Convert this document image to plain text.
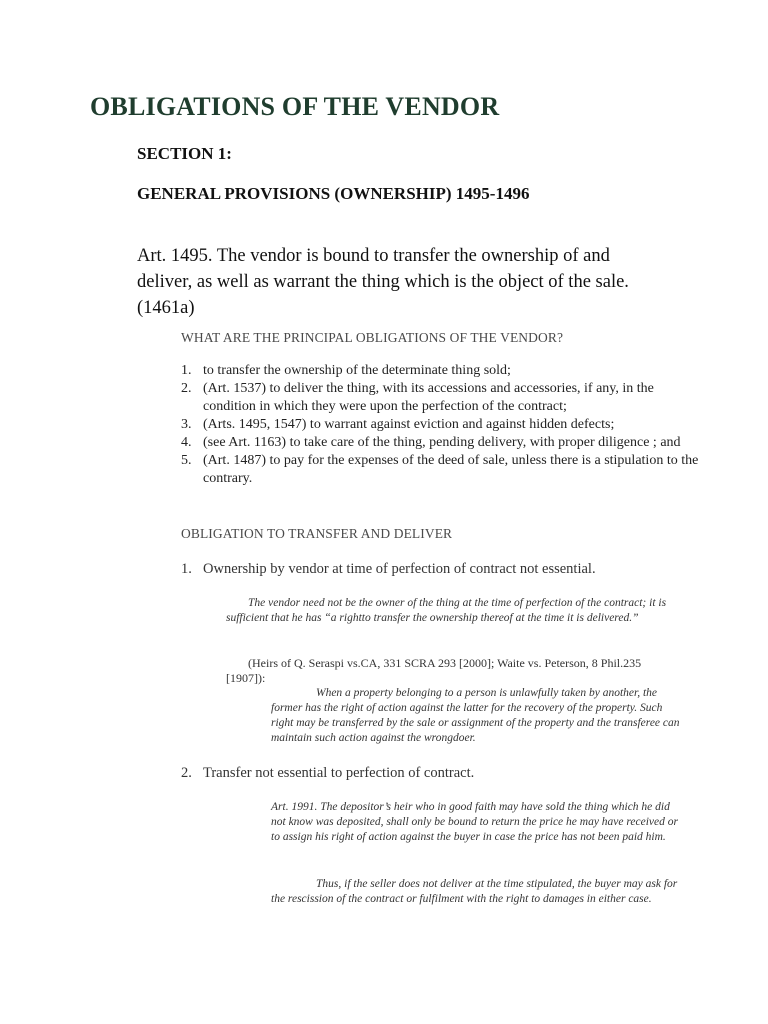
OBLIGATIONS OF THE VENDOR
SECTION 1:
GENERAL PROVISIONS (OWNERSHIP) 1495-1496

Art. 1495. The vendor is bound to transfer the ownership of and deliver, as well as warrant the thing which is the object of the sale. (1461a)

WHAT ARE THE PRINCIPAL OBLIGATIONS OF THE VENDOR?
1. to transfer the ownership of the determinate thing sold;
2. (Art. 1537) to deliver the thing, with its accessions and accessories, if any, in the condition in which they were upon the perfection of the contract;
3. (Arts. 1495, 1547) to warrant against eviction and against hidden defects;
4. (see Art. 1163) to take care of the thing, pending delivery, with proper diligence ; and
5. (Art. 1487) to pay for the expenses of the deed of sale, unless there is a stipulation to the contrary.
OBLIGATION TO TRANSFER AND DELIVER
1. Ownership by vendor at time of perfection of contract not essential.

The vendor need not be the owner of the thing at the time of perfection of the contract; it is sufficient that he has “a rightto transfer the ownership thereof at the time it is delivered.”

(Heirs of Q. Seraspi vs.CA, 331 SCRA 293 [2000]; Waite vs. Peterson, 8 Phil.235 [1907]):

When a property belonging to a person is unlawfully taken by another, the former has the right of action against the latter for the recovery of the property. Such right may be transferred by the sale or assignment of the property and the transferee can maintain such action against the wrongdoer.

2. Transfer not essential to perfection of contract.

Art. 1991. The depositor’s heir who in good faith may have sold the thing which he did not know was deposited, shall only be bound to return the price he may have received or to assign his right of action against the buyer in case the price has not been paid him.

Thus, if the seller does not deliver at the time stipulated, the buyer may ask for the rescission of the contract or fulfilment with the right to damages in either case.
